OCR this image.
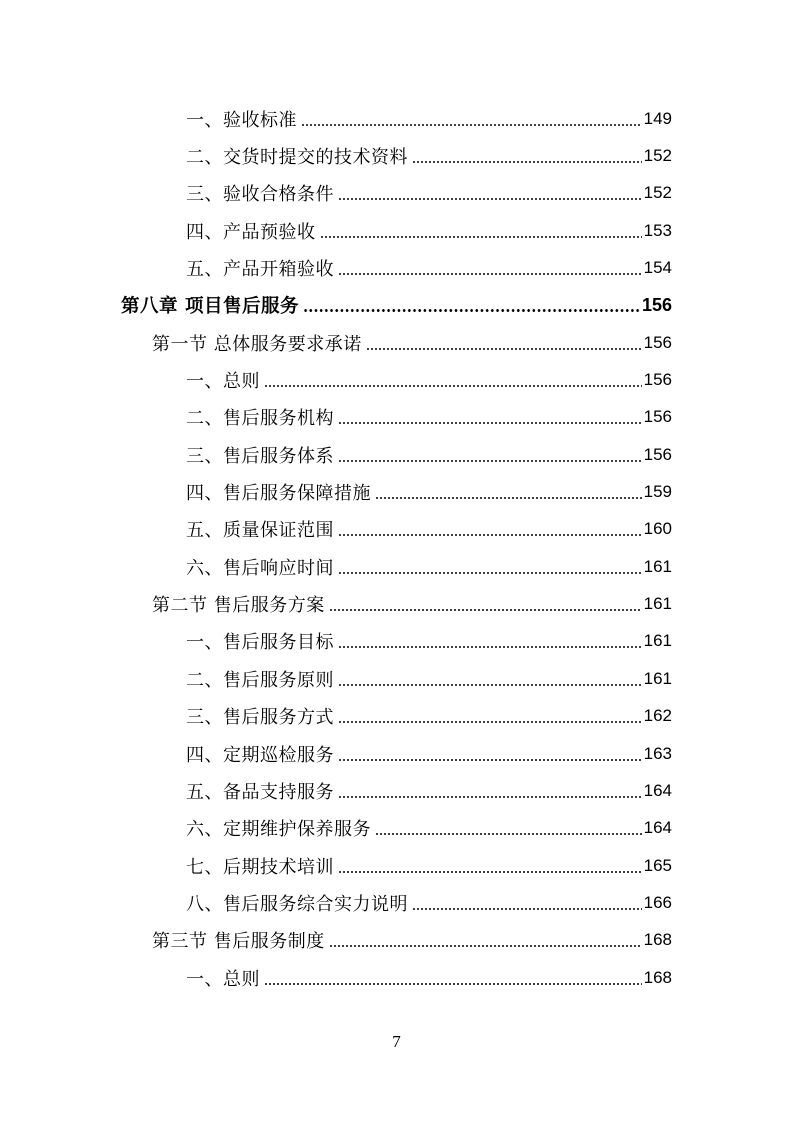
一、验收标准	149
二、交货时提交的技术资料	152
三、验收合格条件	152
四、产品预验收	153
五、产品开箱验收	154
第八章 项目售后服务	156
第一节 总体服务要求承诺	156
一、总则	156
二、售后服务机构	156
三、售后服务体系	156
四、售后服务保障措施	159
五、质量保证范围	160
六、售后响应时间	161
第二节 售后服务方案	161
一、售后服务目标	161
二、售后服务原则	161
三、售后服务方式	162
四、定期巡检服务	163
五、备品支持服务	164
六、定期维护保养服务	164
七、后期技术培训	165
八、售后服务综合实力说明	166
第三节 售后服务制度	168
一、总则	168
7
